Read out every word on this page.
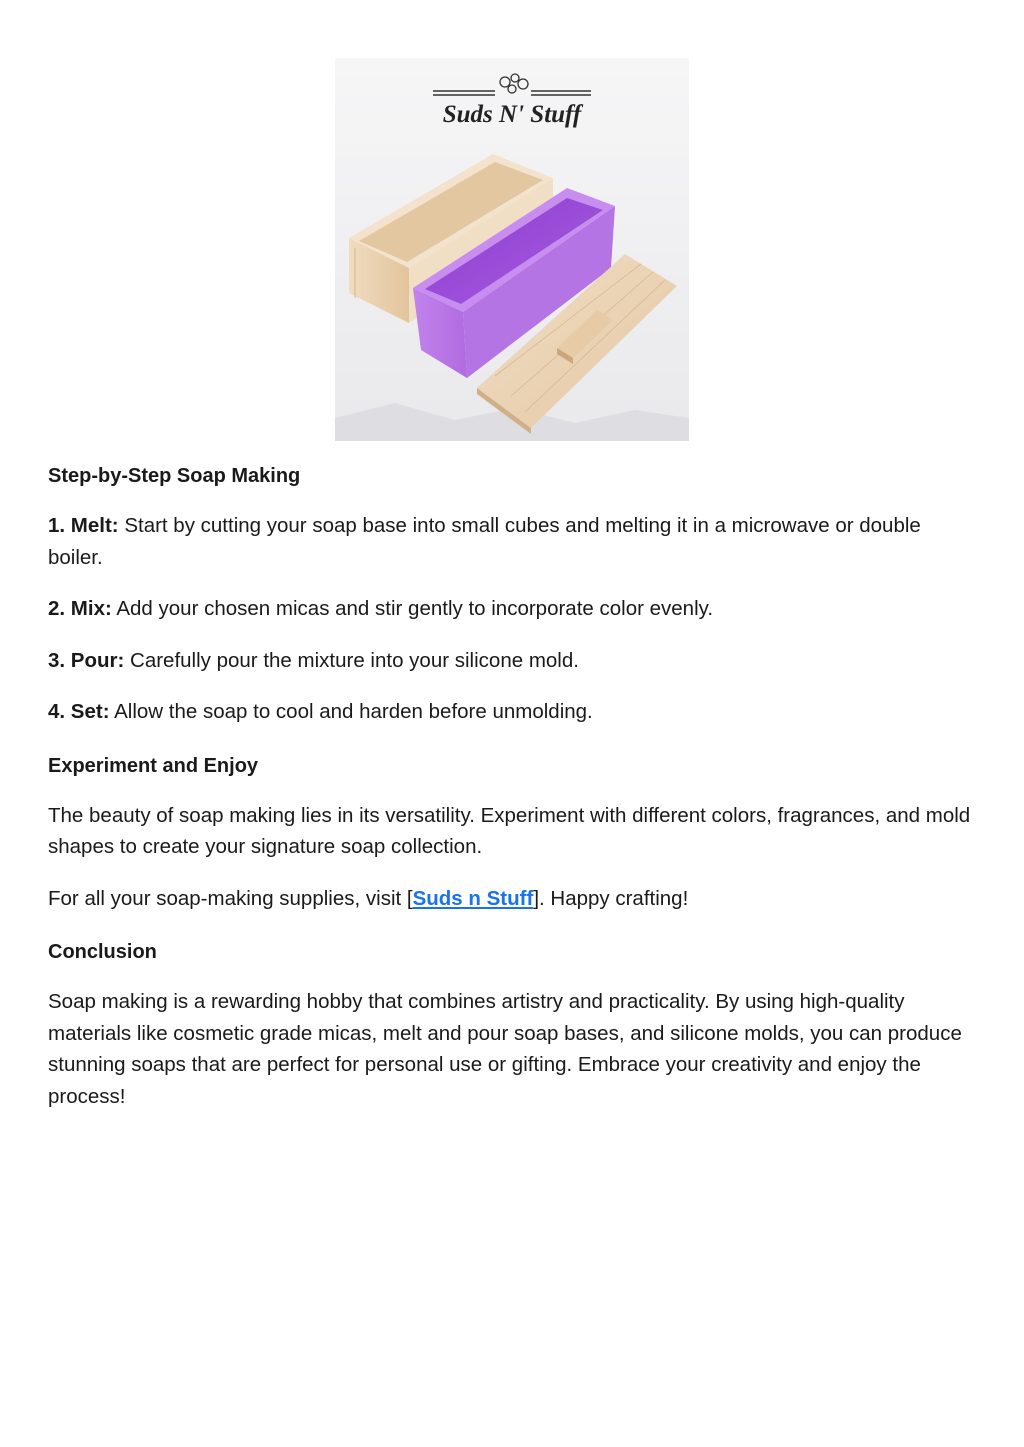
Suds N' Stuff
Step-by-Step Soap Making
1. Melt: Start by cutting your soap base into small cubes and melting it in a microwave or double boiler.
2. Mix: Add your chosen micas and stir gently to incorporate color evenly.
3. Pour: Carefully pour the mixture into your silicone mold.
4. Set: Allow the soap to cool and harden before unmolding.
Experiment and Enjoy
The beauty of soap making lies in its versatility. Experiment with different colors, fragrances, and mold shapes to create your signature soap collection.
For all your soap-making supplies, visit [Suds n Stuff]. Happy crafting!
Conclusion
Soap making is a rewarding hobby that combines artistry and practicality. By using high-quality materials like cosmetic grade micas, melt and pour soap bases, and silicone molds, you can produce stunning soaps that are perfect for personal use or gifting. Embrace your creativity and enjoy the process!
